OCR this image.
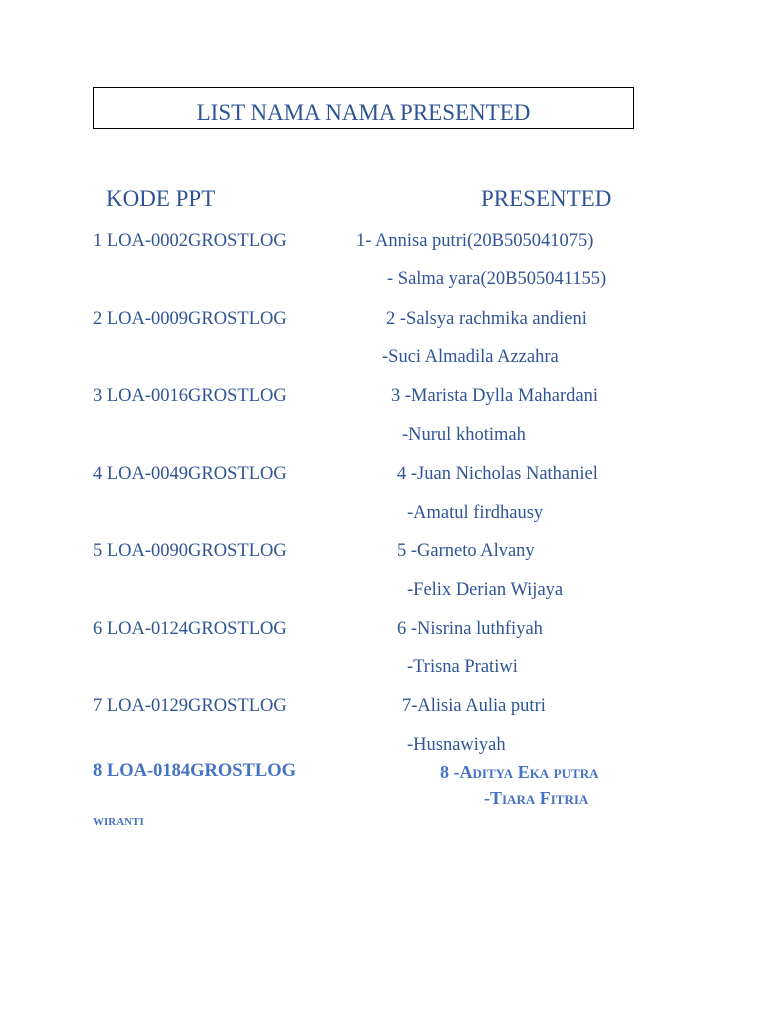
LIST NAMA NAMA PRESENTED
KODE PPT	PRESENTED
1 LOA-0002GROSTLOG	1- Annisa putri(20B505041075)
- Salma yara(20B505041155)
2 LOA-0009GROSTLOG	2 -Salsya rachmika andieni
-Suci Almadila Azzahra
3 LOA-0016GROSTLOG	3 -Marista Dylla Mahardani
-Nurul khotimah
4 LOA-0049GROSTLOG	4 -Juan Nicholas Nathaniel
-Amatul firdhausy
5 LOA-0090GROSTLOG	5 -Garneto Alvany
-Felix Derian Wijaya
6 LOA-0124GROSTLOG	6 -Nisrina luthfiyah
-Trisna Pratiwi
7 LOA-0129GROSTLOG	7-Alisia Aulia putri
-Husnawiyah
8 LOA-0184GROSTLOG	8 -Aditya Eka putra
-Tiara Fitria
wiranti
